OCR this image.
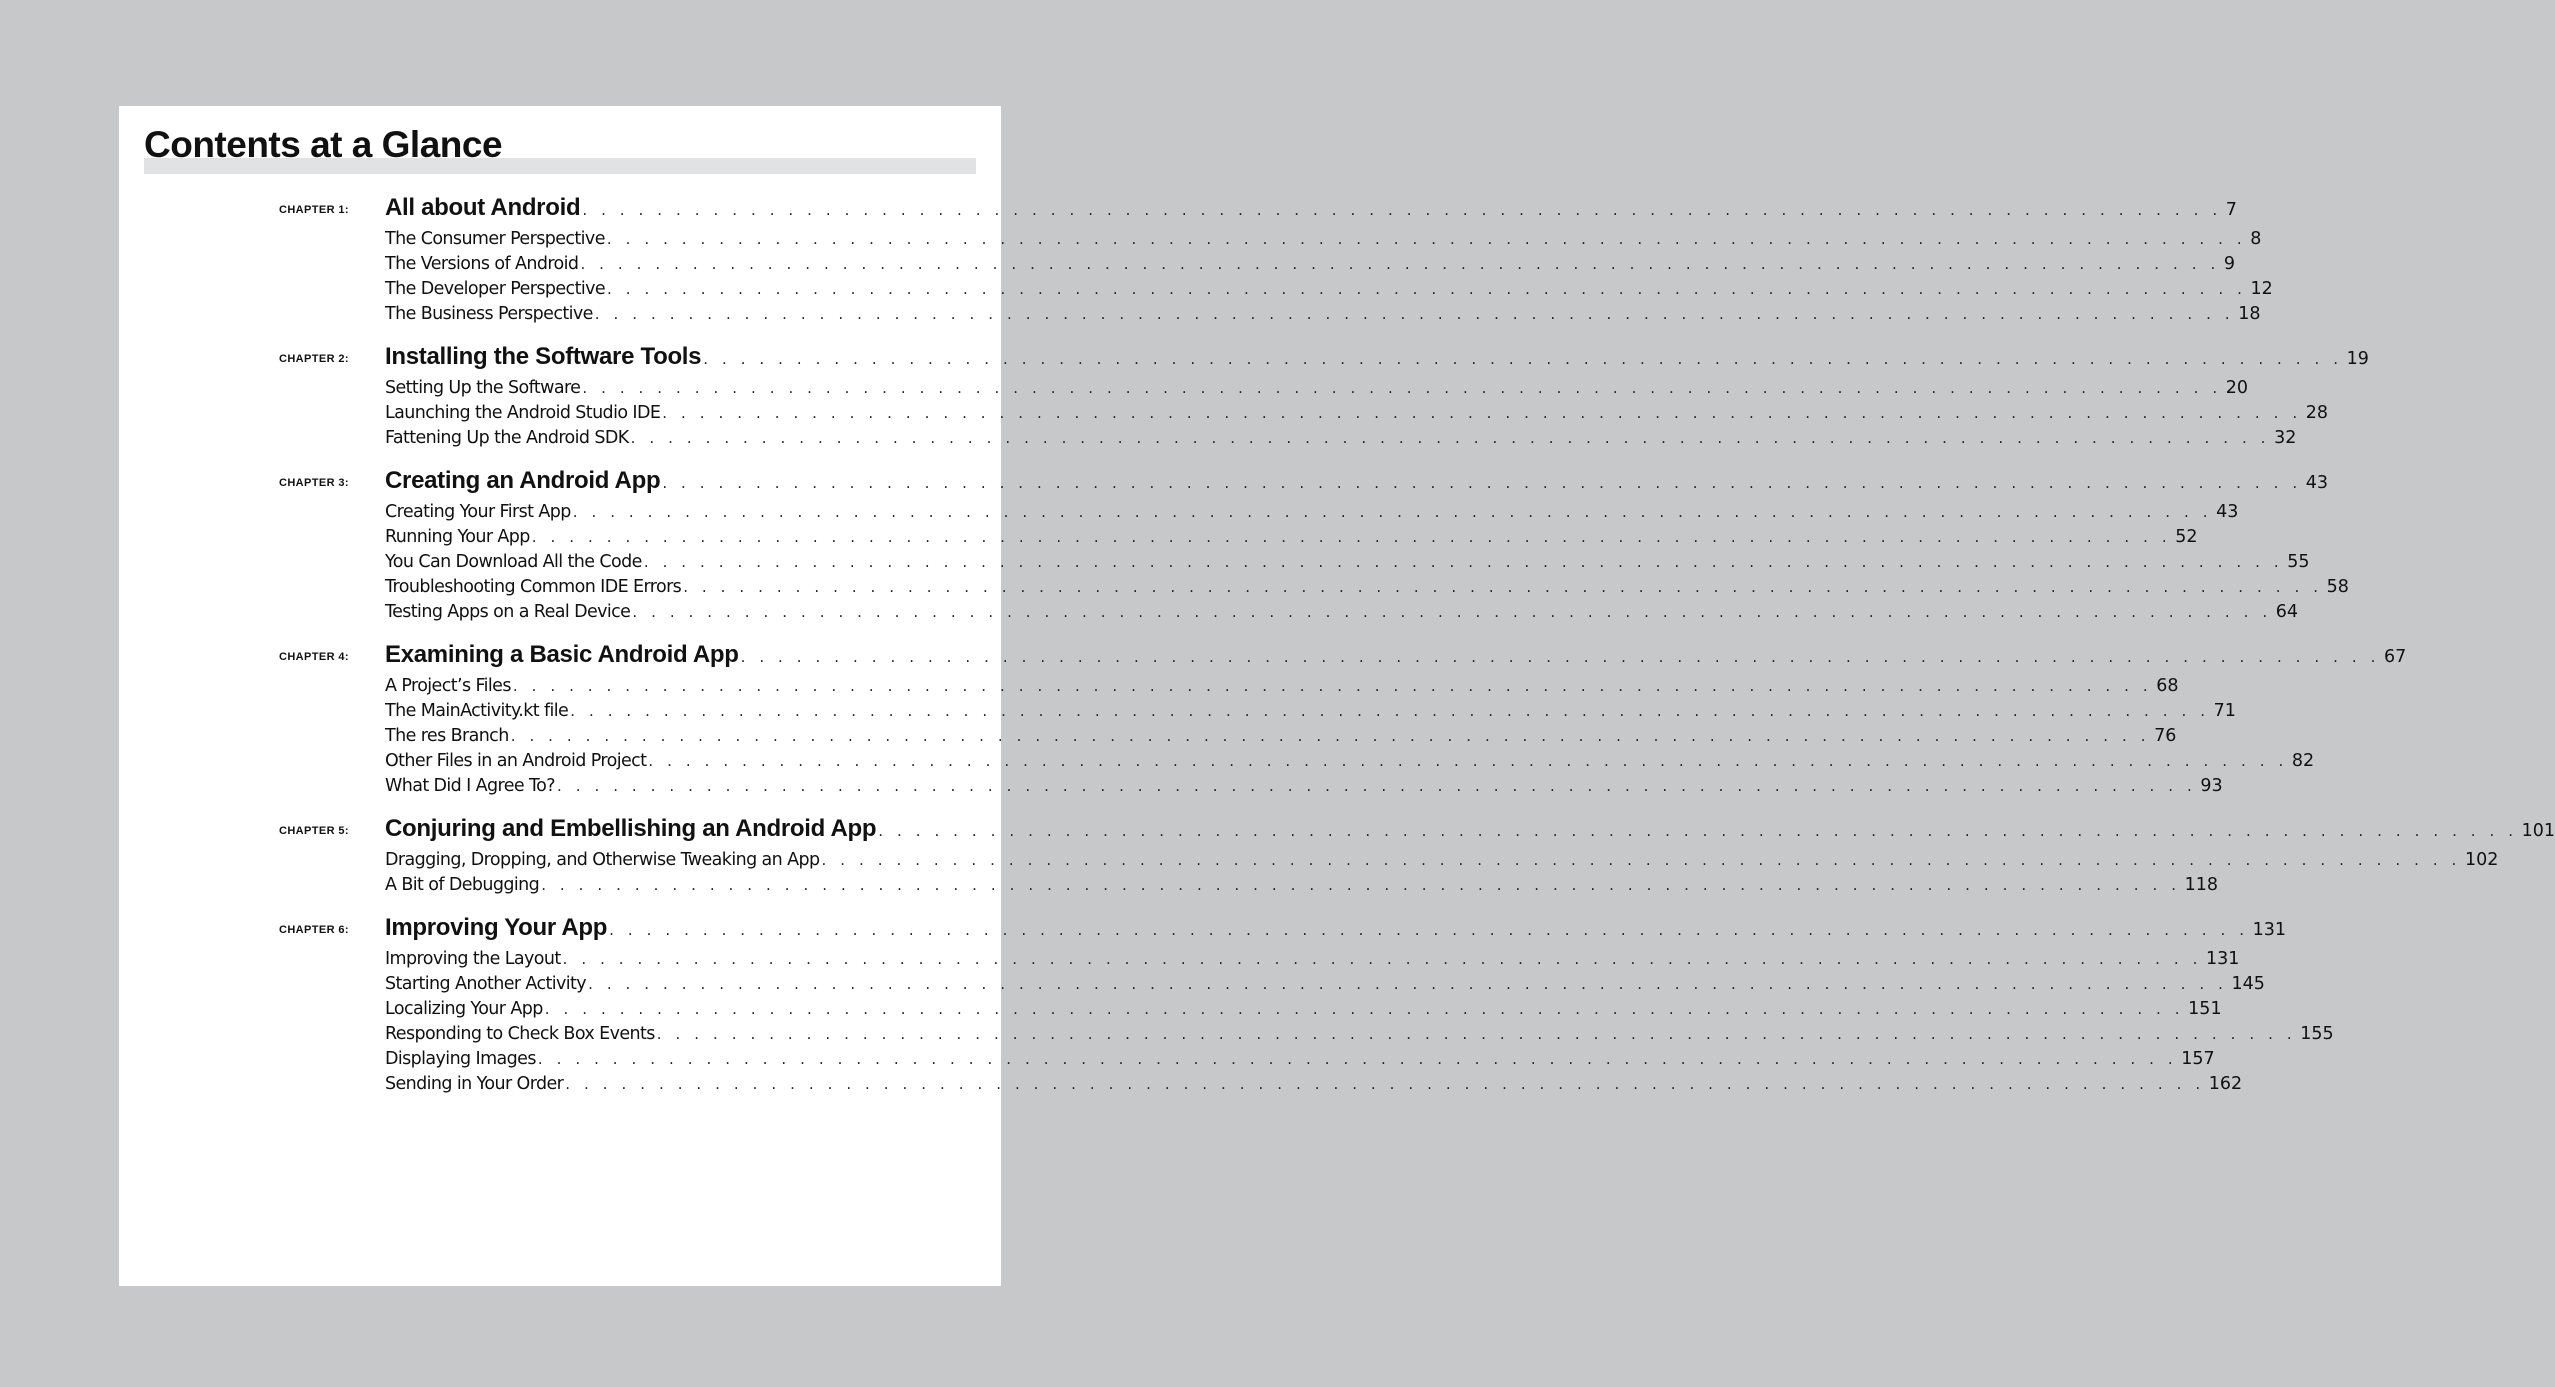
Contents at a Glance
CHAPTER 1: All about Android . . . . . . . . . . . . . . . . . . . . . . . . . . . . . . . . . . . . . . . . . . . . . . . . . . . . . . . . . . . . . . . . . . . . . . . . . . . . . . . . . . . . . . . . 7
The Consumer Perspective . . . . . . . . . . . . . . . . . . . . . . . . . . . . . . . . . . . . . . . . . . . . . . . . . . . . . . . . . . . . . . . . . . . . . . . . . . . . . . . . . . . . . . . . 8
The Versions of Android . . . . . . . . . . . . . . . . . . . . . . . . . . . . . . . . . . . . . . . . . . . . . . . . . . . . . . . . . . . . . . . . . . . . . . . . . . . . . . . . . . . . . . . . 9
The Developer Perspective . . . . . . . . . . . . . . . . . . . . . . . . . . . . . . . . . . . . . . . . . . . . . . . . . . . . . . . . . . . . . . . . . . . . . . . . . . . . . . . . . . . . . . . . 12
The Business Perspective . . . . . . . . . . . . . . . . . . . . . . . . . . . . . . . . . . . . . . . . . . . . . . . . . . . . . . . . . . . . . . . . . . . . . . . . . . . . . . . . . . . . . . . . 18
CHAPTER 2: Installing the Software Tools . . . . . . . . . . . . . . . . . . . . . . . . . . . . . . . . . . . . . . . . . . . . . . . . . . . . . . . . . . . . . . . . . . . . . . . . . . . . . . . . . . . . . . . . 19
Setting Up the Software . . . . . . . . . . . . . . . . . . . . . . . . . . . . . . . . . . . . . . . . . . . . . . . . . . . . . . . . . . . . . . . . . . . . . . . . . . . . . . . . . . . . . . . . 20
Launching the Android Studio IDE . . . . . . . . . . . . . . . . . . . . . . . . . . . . . . . . . . . . . . . . . . . . . . . . . . . . . . . . . . . . . . . . . . . . . . . . . . . . . . . . . . . . . . . . 28
Fattening Up the Android SDK . . . . . . . . . . . . . . . . . . . . . . . . . . . . . . . . . . . . . . . . . . . . . . . . . . . . . . . . . . . . . . . . . . . . . . . . . . . . . . . . . . . . . . . . 32
CHAPTER 3: Creating an Android App . . . . . . . . . . . . . . . . . . . . . . . . . . . . . . . . . . . . . . . . . . . . . . . . . . . . . . . . . . . . . . . . . . . . . . . . . . . . . . . . . . . . . . . . 43
Creating Your First App . . . . . . . . . . . . . . . . . . . . . . . . . . . . . . . . . . . . . . . . . . . . . . . . . . . . . . . . . . . . . . . . . . . . . . . . . . . . . . . . . . . . . . . . 43
Running Your App . . . . . . . . . . . . . . . . . . . . . . . . . . . . . . . . . . . . . . . . . . . . . . . . . . . . . . . . . . . . . . . . . . . . . . . . . . . . . . . . . . . . . . . . 52
You Can Download All the Code . . . . . . . . . . . . . . . . . . . . . . . . . . . . . . . . . . . . . . . . . . . . . . . . . . . . . . . . . . . . . . . . . . . . . . . . . . . . . . . . . . . . . . . . 55
Troubleshooting Common IDE Errors . . . . . . . . . . . . . . . . . . . . . . . . . . . . . . . . . . . . . . . . . . . . . . . . . . . . . . . . . . . . . . . . . . . . . . . . . . . . . . . . . . . . . . . . 58
Testing Apps on a Real Device . . . . . . . . . . . . . . . . . . . . . . . . . . . . . . . . . . . . . . . . . . . . . . . . . . . . . . . . . . . . . . . . . . . . . . . . . . . . . . . . . . . . . . . . 64
CHAPTER 4: Examining a Basic Android App . . . . . . . . . . . . . . . . . . . . . . . . . . . . . . . . . . . . . . . . . . . . . . . . . . . . . . . . . . . . . . . . . . . . . . . . . . . . . . . . . . . . . . . . 67
A Project’s Files . . . . . . . . . . . . . . . . . . . . . . . . . . . . . . . . . . . . . . . . . . . . . . . . . . . . . . . . . . . . . . . . . . . . . . . . . . . . . . . . . . . . . . . . 68
The MainActivity.kt file . . . . . . . . . . . . . . . . . . . . . . . . . . . . . . . . . . . . . . . . . . . . . . . . . . . . . . . . . . . . . . . . . . . . . . . . . . . . . . . . . . . . . . . . 71
The res Branch . . . . . . . . . . . . . . . . . . . . . . . . . . . . . . . . . . . . . . . . . . . . . . . . . . . . . . . . . . . . . . . . . . . . . . . . . . . . . . . . . . . . . . . . 76
Other Files in an Android Project . . . . . . . . . . . . . . . . . . . . . . . . . . . . . . . . . . . . . . . . . . . . . . . . . . . . . . . . . . . . . . . . . . . . . . . . . . . . . . . . . . . . . . . . 82
What Did I Agree To? . . . . . . . . . . . . . . . . . . . . . . . . . . . . . . . . . . . . . . . . . . . . . . . . . . . . . . . . . . . . . . . . . . . . . . . . . . . . . . . . . . . . . . . . 93
CHAPTER 5: Conjuring and Embellishing an Android App . . . . . . . . . . . . . . . . . . . . . . . . . . . . . . . . . . . . . . . . . . . . . . . . . . . . . . . . . . . . . . . . . . . . . . . . . . . . . . . . . . . . . . . . 101
Dragging, Dropping, and Otherwise Tweaking an App . . . . . . . . . . . . . . . . . . . . . . . . . . . . . . . . . . . . . . . . . . . . . . . . . . . . . . . . . . . . . . . . . . . . . . . . . . . . . . . . . . . . . . . . 102
A Bit of Debugging . . . . . . . . . . . . . . . . . . . . . . . . . . . . . . . . . . . . . . . . . . . . . . . . . . . . . . . . . . . . . . . . . . . . . . . . . . . . . . . . . . . . . . . . 118
CHAPTER 6: Improving Your App . . . . . . . . . . . . . . . . . . . . . . . . . . . . . . . . . . . . . . . . . . . . . . . . . . . . . . . . . . . . . . . . . . . . . . . . . . . . . . . . . . . . . . . . 131
Improving the Layout . . . . . . . . . . . . . . . . . . . . . . . . . . . . . . . . . . . . . . . . . . . . . . . . . . . . . . . . . . . . . . . . . . . . . . . . . . . . . . . . . . . . . . . . 131
Starting Another Activity . . . . . . . . . . . . . . . . . . . . . . . . . . . . . . . . . . . . . . . . . . . . . . . . . . . . . . . . . . . . . . . . . . . . . . . . . . . . . . . . . . . . . . . . 145
Localizing Your App . . . . . . . . . . . . . . . . . . . . . . . . . . . . . . . . . . . . . . . . . . . . . . . . . . . . . . . . . . . . . . . . . . . . . . . . . . . . . . . . . . . . . . . . 151
Responding to Check Box Events . . . . . . . . . . . . . . . . . . . . . . . . . . . . . . . . . . . . . . . . . . . . . . . . . . . . . . . . . . . . . . . . . . . . . . . . . . . . . . . . . . . . . . . . 155
Displaying Images . . . . . . . . . . . . . . . . . . . . . . . . . . . . . . . . . . . . . . . . . . . . . . . . . . . . . . . . . . . . . . . . . . . . . . . . . . . . . . . . . . . . . . . . 157
Sending in Your Order . . . . . . . . . . . . . . . . . . . . . . . . . . . . . . . . . . . . . . . . . . . . . . . . . . . . . . . . . . . . . . . . . . . . . . . . . . . . . . . . . . . . . . . . 162
